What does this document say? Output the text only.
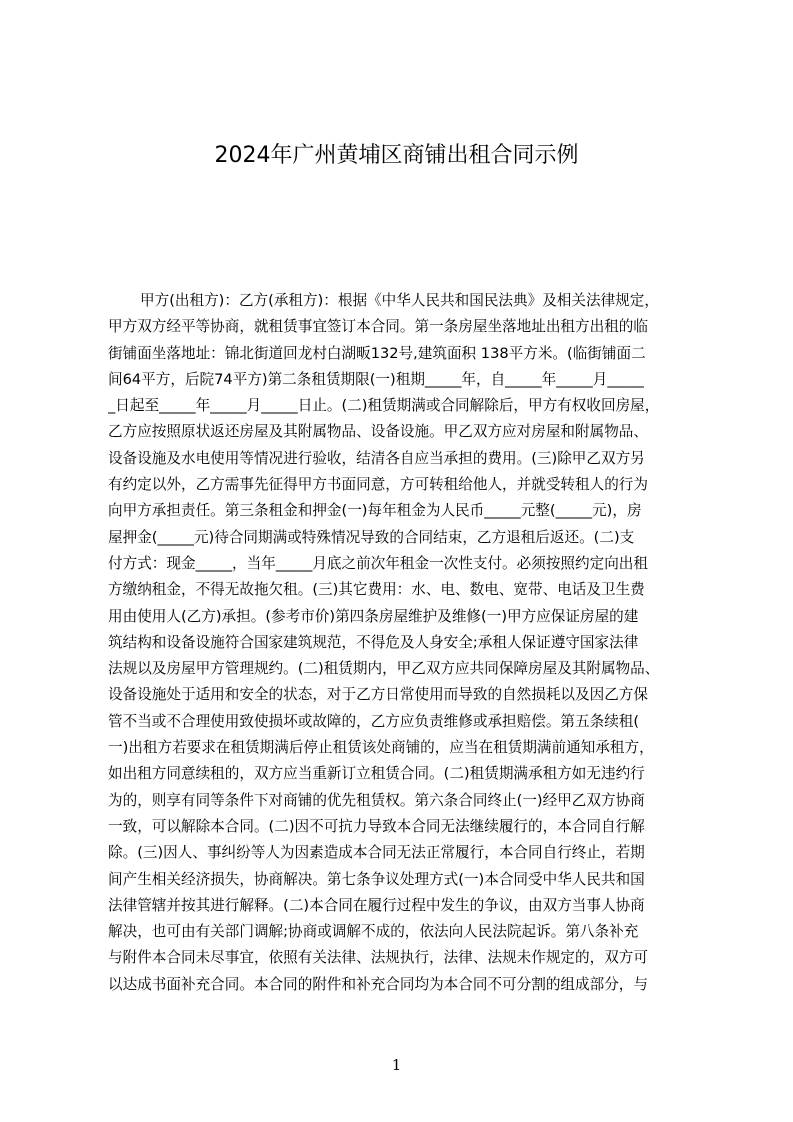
2024年广州黄埔区商铺出租合同示例
甲方(出租方)：乙方(承租方)：根据《中华人民共和国民法典》及相关法律规定，
甲方双方经平等协商，就租赁事宜签订本合同。第一条房屋坐落地址出租方出租的临
街铺面坐落地址：锦北街道回龙村白湖畈132号,建筑面积 138平方米。(临街铺面二
间64平方，后院74平方)第二条租赁期限(一)租期_____年，自_____年_____月_____
_日起至_____年_____月_____日止。(二)租赁期满或合同解除后，甲方有权收回房屋，
乙方应按照原状返还房屋及其附属物品、设备设施。甲乙双方应对房屋和附属物品、
设备设施及水电使用等情况进行验收，结清各自应当承担的费用。(三)除甲乙双方另
有约定以外，乙方需事先征得甲方书面同意，方可转租给他人，并就受转租人的行为
向甲方承担责任。第三条租金和押金(一)每年租金为人民币_____元整(_____元)，房
屋押金(_____元)待合同期满或特殊情况导致的合同结束，乙方退租后返还。(二)支
付方式：现金_____，当年_____月底之前次年租金一次性支付。必须按照约定向出租
方缴纳租金，不得无故拖欠租。(三)其它费用：水、电、数电、宽带、电话及卫生费
用由使用人(乙方)承担。(参考市价)第四条房屋维护及维修(一)甲方应保证房屋的建
筑结构和设备设施符合国家建筑规范，不得危及人身安全;承租人保证遵守国家法律
法规以及房屋甲方管理规约。(二)租赁期内，甲乙双方应共同保障房屋及其附属物品、
设备设施处于适用和安全的状态，对于乙方日常使用而导致的自然损耗以及因乙方保
管不当或不合理使用致使损坏或故障的，乙方应负责维修或承担赔偿。第五条续租(
一)出租方若要求在租赁期满后停止租赁该处商铺的，应当在租赁期满前通知承租方，
如出租方同意续租的，双方应当重新订立租赁合同。(二)租赁期满承租方如无违约行
为的，则享有同等条件下对商铺的优先租赁权。第六条合同终止(一)经甲乙双方协商
一致，可以解除本合同。(二)因不可抗力导致本合同无法继续履行的，本合同自行解
除。(三)因人、事纠纷等人为因素造成本合同无法正常履行，本合同自行终止，若期
间产生相关经济损失，协商解决。第七条争议处理方式(一)本合同受中华人民共和国
法律管辖并按其进行解释。(二)本合同在履行过程中发生的争议，由双方当事人协商
解决，也可由有关部门调解;协商或调解不成的，依法向人民法院起诉。第八条补充
与附件本合同未尽事宜，依照有关法律、法规执行，法律、法规未作规定的，双方可
以达成书面补充合同。本合同的附件和补充合同均为本合同不可分割的组成部分，与
1
